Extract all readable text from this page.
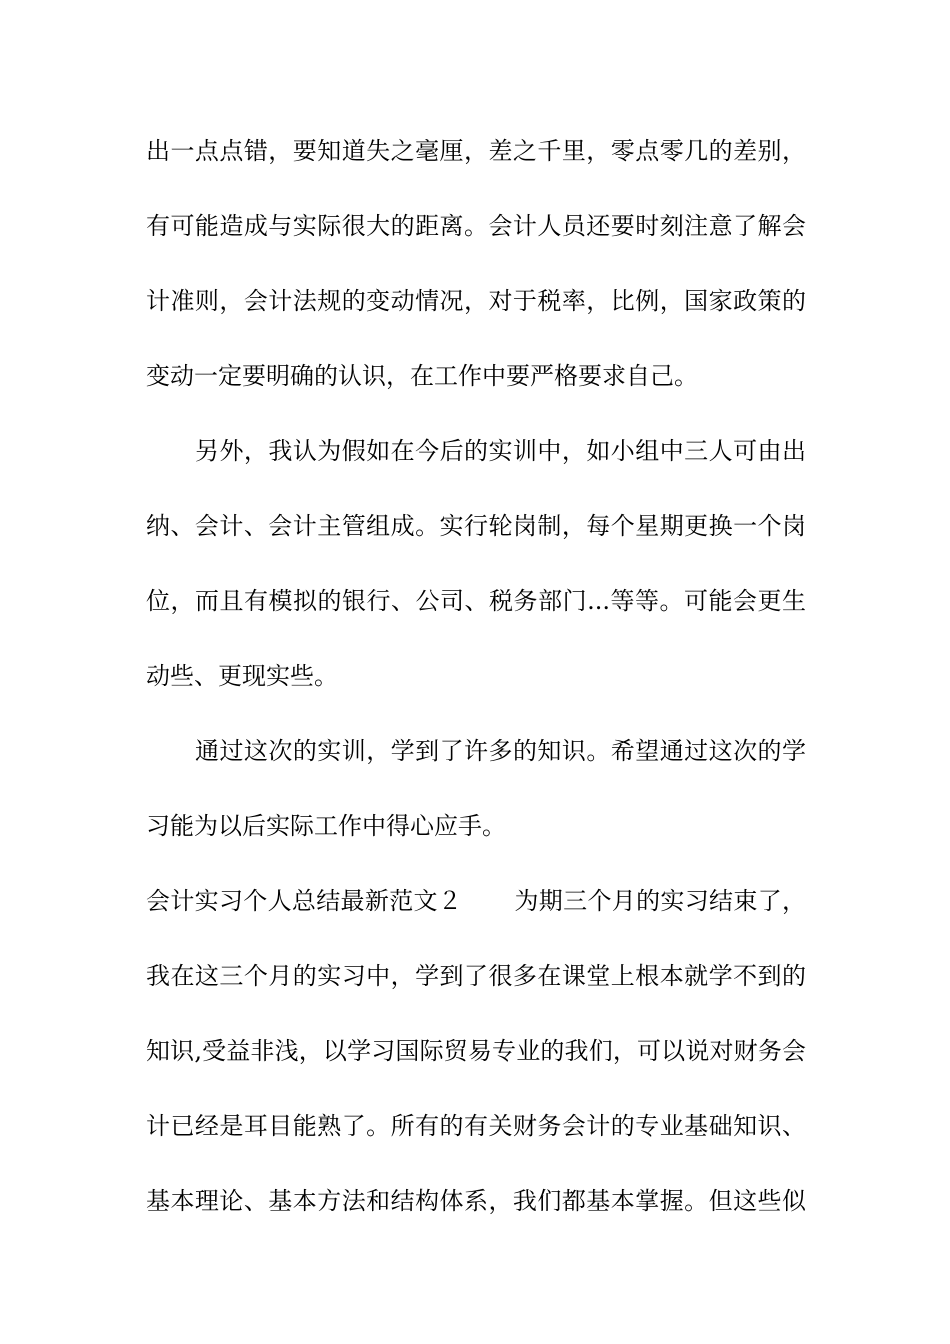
出一点点错，要知道失之毫厘，差之千里，零点零几的差别，
有可能造成与实际很大的距离。会计人员还要时刻注意了解会
计准则，会计法规的变动情况，对于税率，比例，国家政策的
变动一定要明确的认识，在工作中要严格要求自己。
另外，我认为假如在今后的实训中，如小组中三人可由出
纳、会计、会计主管组成。实行轮岗制，每个星期更换一个岗
位，而且有模拟的银行、公司、税务部门...等等。可能会更生
动些、更现实些。
通过这次的实训，学到了许多的知识。希望通过这次的学
习能为以后实际工作中得心应手。
会计实习个人总结最新范文２ 为期三个月的实习结束了，
我在这三个月的实习中，学到了很多在课堂上根本就学不到的
知识,受益非浅，以学习国际贸易专业的我们，可以说对财务会
计已经是耳目能熟了。所有的有关财务会计的专业基础知识、
基本理论、基本方法和结构体系，我们都基本掌握。但这些似
